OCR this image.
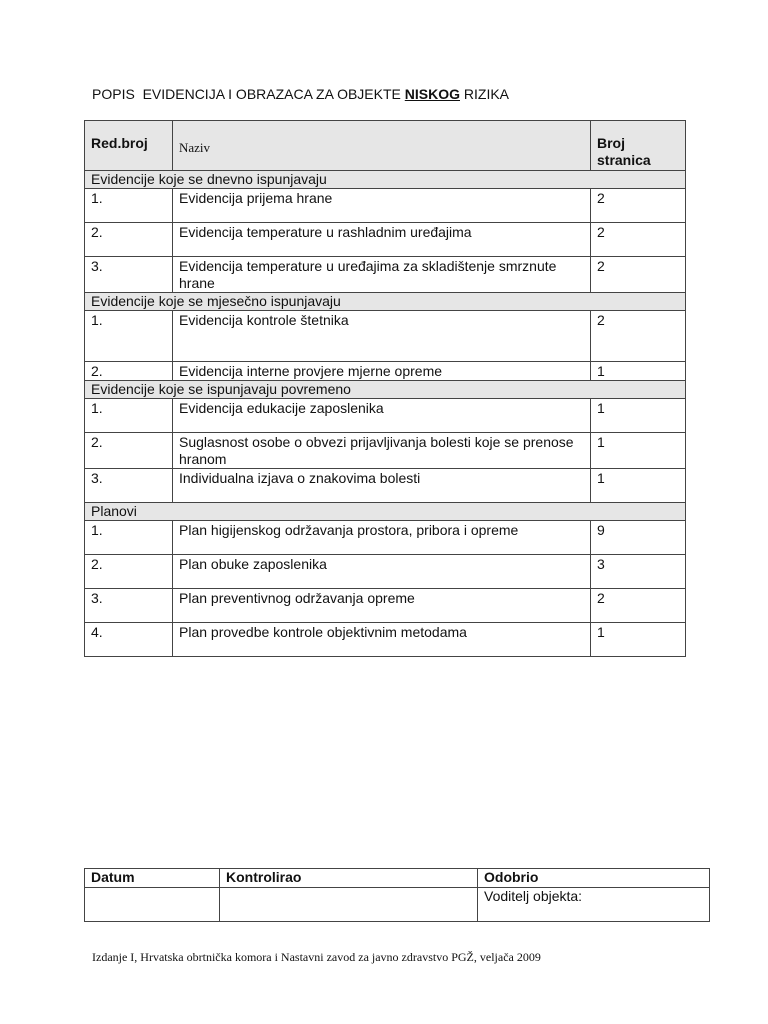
POPIS  EVIDENCIJA I OBRAZACA ZA OBJEKTE NISKOG RIZIKA
Red.broj	Naziv	Broj stranica
Evidencije koje se dnevno ispunjavaju		
1.	Evidencija prijema hrane	2
2.	Evidencija temperature u rashladnim uređajima	2
3.	Evidencija temperature u uređajima za skladištenje smrznute hrane	2
Evidencije koje se mjesečno ispunjavaju		
1.	Evidencija kontrole štetnika	2
2.	Evidencija interne provjere mjerne opreme	1
Evidencije koje se ispunjavaju povremeno		
1.	Evidencija edukacije zaposlenika	1
2.	Suglasnost osobe o obvezi prijavljivanja bolesti koje se prenose hranom	1
3.	Individualna izjava o znakovima bolesti	1
Planovi		
1.	Plan higijenskog održavanja prostora, pribora i opreme	9
2.	Plan obuke zaposlenika	3
3.	Plan preventivnog održavanja opreme	2
4.	Plan provedbe kontrole objektivnim metodama	1
Datum	Kontrolirao	Odobrio
		Voditelj objekta:
Izdanje I, Hrvatska obrtnička komora i Nastavni zavod za javno zdravstvo PGŽ, veljača 2009
